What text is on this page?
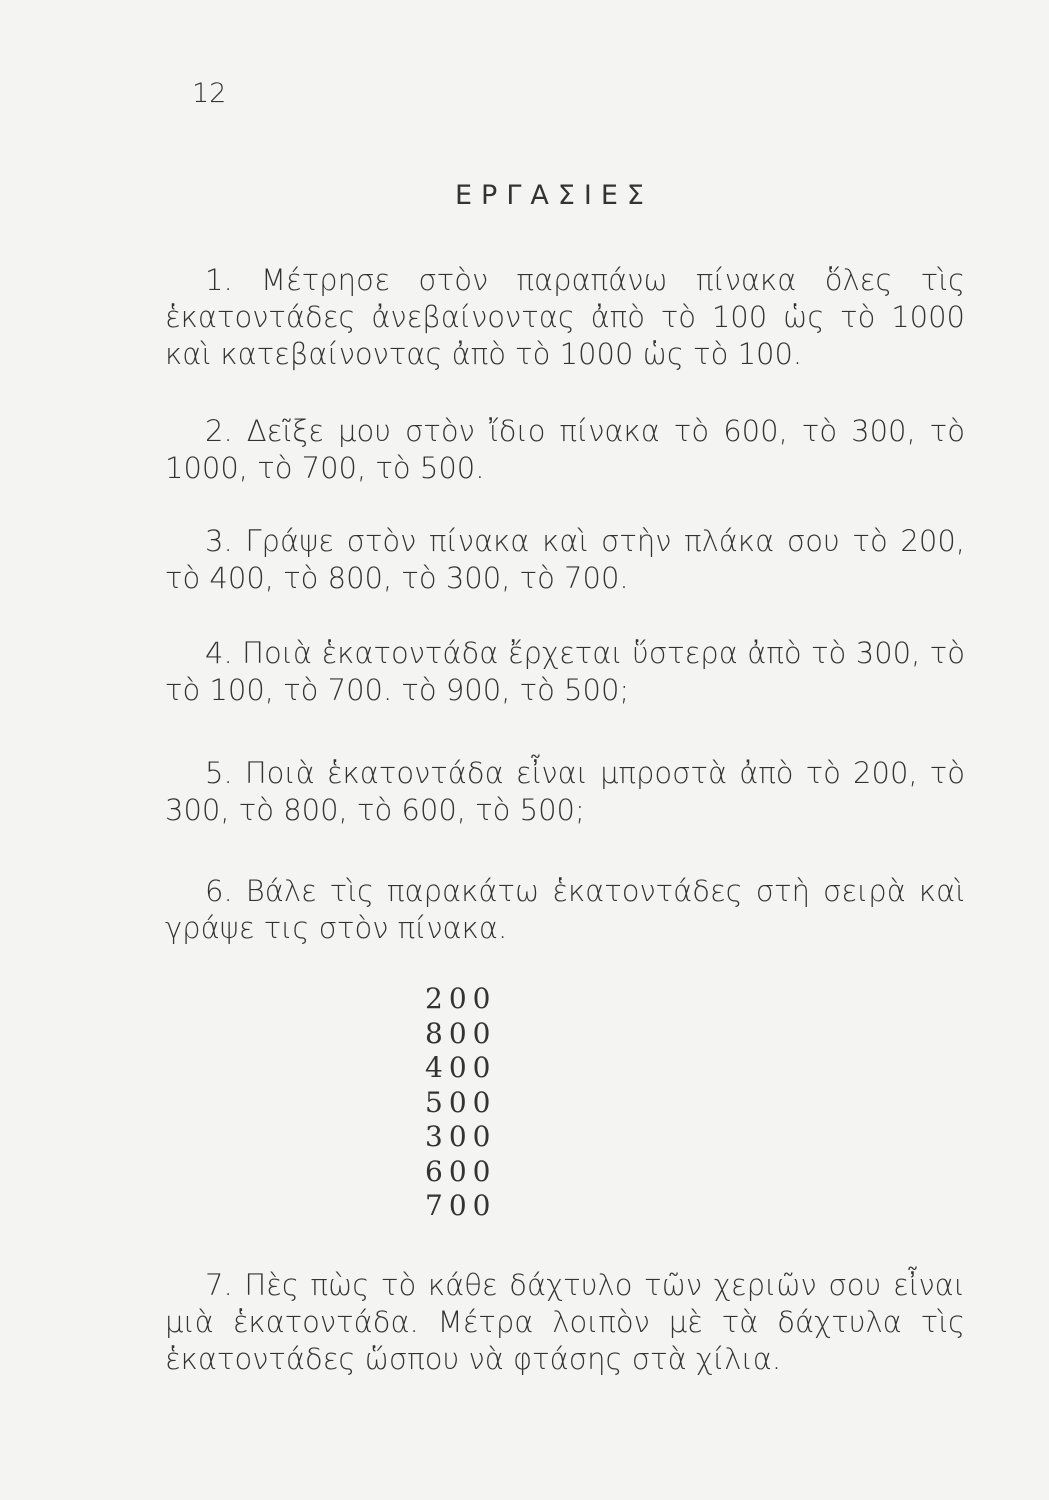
12
ΕΡΓΑΣΙΕΣ
1. Μέτρησε στὸν παραπάνω πίνακα ὅλες τὶς ἑκατοντάδες ἀνεβαίνοντας ἀπὸ τὸ 100 ὡς τὸ 1000 καὶ κατεβαίνοντας ἀπὸ τὸ 1000 ὡς τὸ 100.
2. Δεῖξε μου στὸν ἴδιο πίνακα τὸ 600, τὸ 300, τὸ 1000, τὸ 700, τὸ 500.
3. Γράψε στὸν πίνακα καὶ στὴν πλάκα σου τὸ 200, τὸ 400, τὸ 800, τὸ 300, τὸ 700.
4. Ποιὰ ἑκατοντάδα ἔρχεται ὕστερα ἀπὸ τὸ 300, τὸ τὸ 100, τὸ 700. τὸ 900, τὸ 500;
5. Ποιὰ ἑκατοντάδα εἶναι μπροστὰ ἀπὸ τὸ 200, τὸ 300, τὸ 800, τὸ 600, τὸ 500;
6. Βάλε τὶς παρακάτω ἑκατοντάδες στὴ σειρὰ καὶ γράψε τις στὸν πίνακα.
200
800
400
500
300
600
700
7. Πὲς πὼς τὸ κάθε δάχτυλο τῶν χεριῶν σου εἶναι μιὰ ἑκατοντάδα. Μέτρα λοιπὸν μὲ τὰ δάχτυλα τὶς ἑκατοντάδες ὥσπου νὰ φτάσης στὰ χίλια.
